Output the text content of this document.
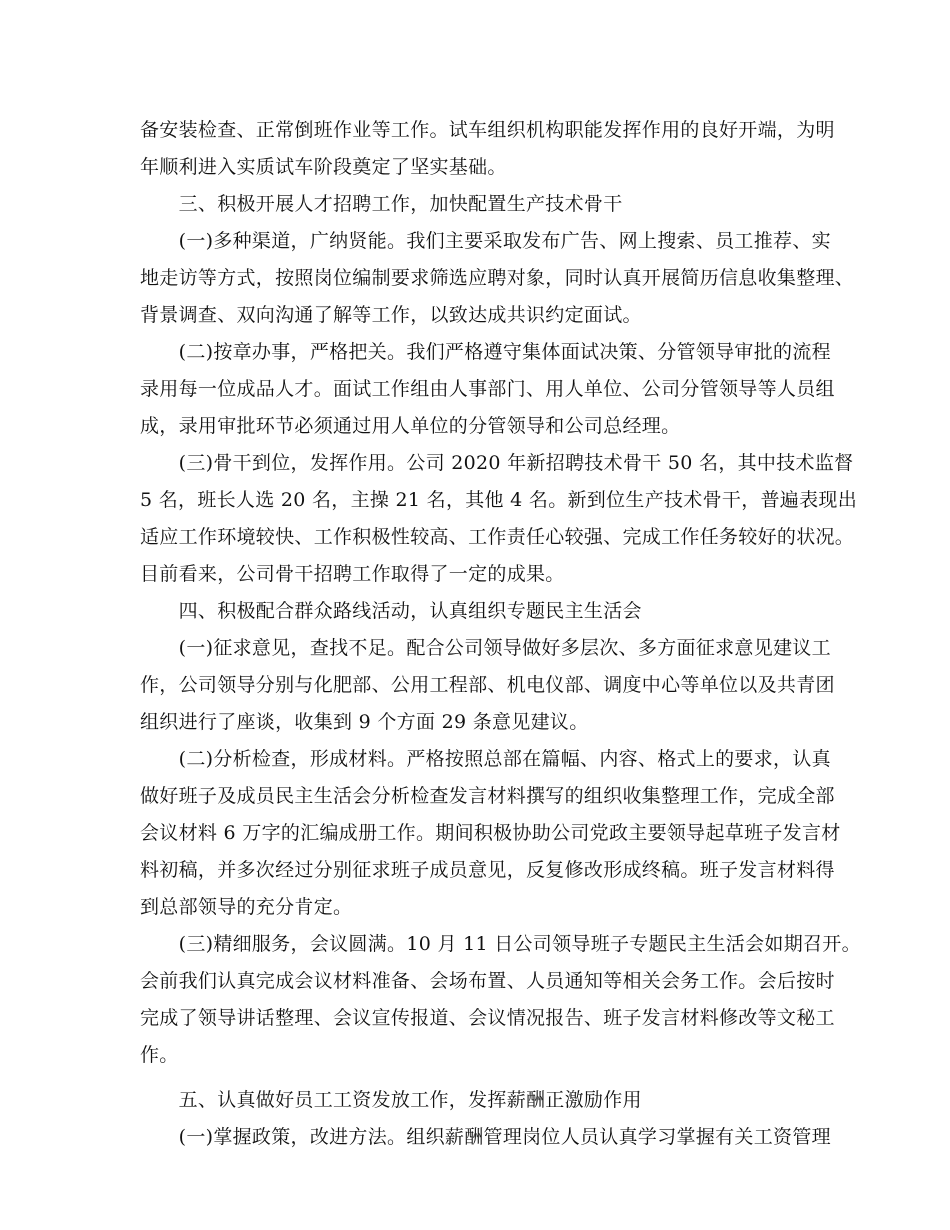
备安装检查、正常倒班作业等工作。试车组织机构职能发挥作用的良好开端，为明
年顺利进入实质试车阶段奠定了坚实基础。
　　三、积极开展人才招聘工作，加快配置生产技术骨干
　　(一)多种渠道，广纳贤能。我们主要采取发布广告、网上搜索、员工推荐、实
地走访等方式，按照岗位编制要求筛选应聘对象，同时认真开展简历信息收集整理、
背景调查、双向沟通了解等工作，以致达成共识约定面试。
　　(二)按章办事，严格把关。我们严格遵守集体面试决策、分管领导审批的流程
录用每一位成品人才。面试工作组由人事部门、用人单位、公司分管领导等人员组
成，录用审批环节必须通过用人单位的分管领导和公司总经理。
　　(三)骨干到位，发挥作用。公司 2020 年新招聘技术骨干 50 名，其中技术监督
5 名，班长人选 20 名，主操 21 名，其他 4 名。新到位生产技术骨干，普遍表现出
适应工作环境较快、工作积极性较高、工作责任心较强、完成工作任务较好的状况。
目前看来，公司骨干招聘工作取得了一定的成果。
　　四、积极配合群众路线活动，认真组织专题民主生活会
　　(一)征求意见，查找不足。配合公司领导做好多层次、多方面征求意见建议工
作，公司领导分别与化肥部、公用工程部、机电仪部、调度中心等单位以及共青团
组织进行了座谈，收集到 9 个方面 29 条意见建议。
　　(二)分析检查，形成材料。严格按照总部在篇幅、内容、格式上的要求，认真
做好班子及成员民主生活会分析检查发言材料撰写的组织收集整理工作，完成全部
会议材料 6 万字的汇编成册工作。期间积极协助公司党政主要领导起草班子发言材
料初稿，并多次经过分别征求班子成员意见，反复修改形成终稿。班子发言材料得
到总部领导的充分肯定。
　　(三)精细服务，会议圆满。10 月 11 日公司领导班子专题民主生活会如期召开。
会前我们认真完成会议材料准备、会场布置、人员通知等相关会务工作。会后按时
完成了领导讲话整理、会议宣传报道、会议情况报告、班子发言材料修改等文秘工
作。
　　五、认真做好员工工资发放工作，发挥薪酬正激励作用
　　(一)掌握政策，改进方法。组织薪酬管理岗位人员认真学习掌握有关工资管理
